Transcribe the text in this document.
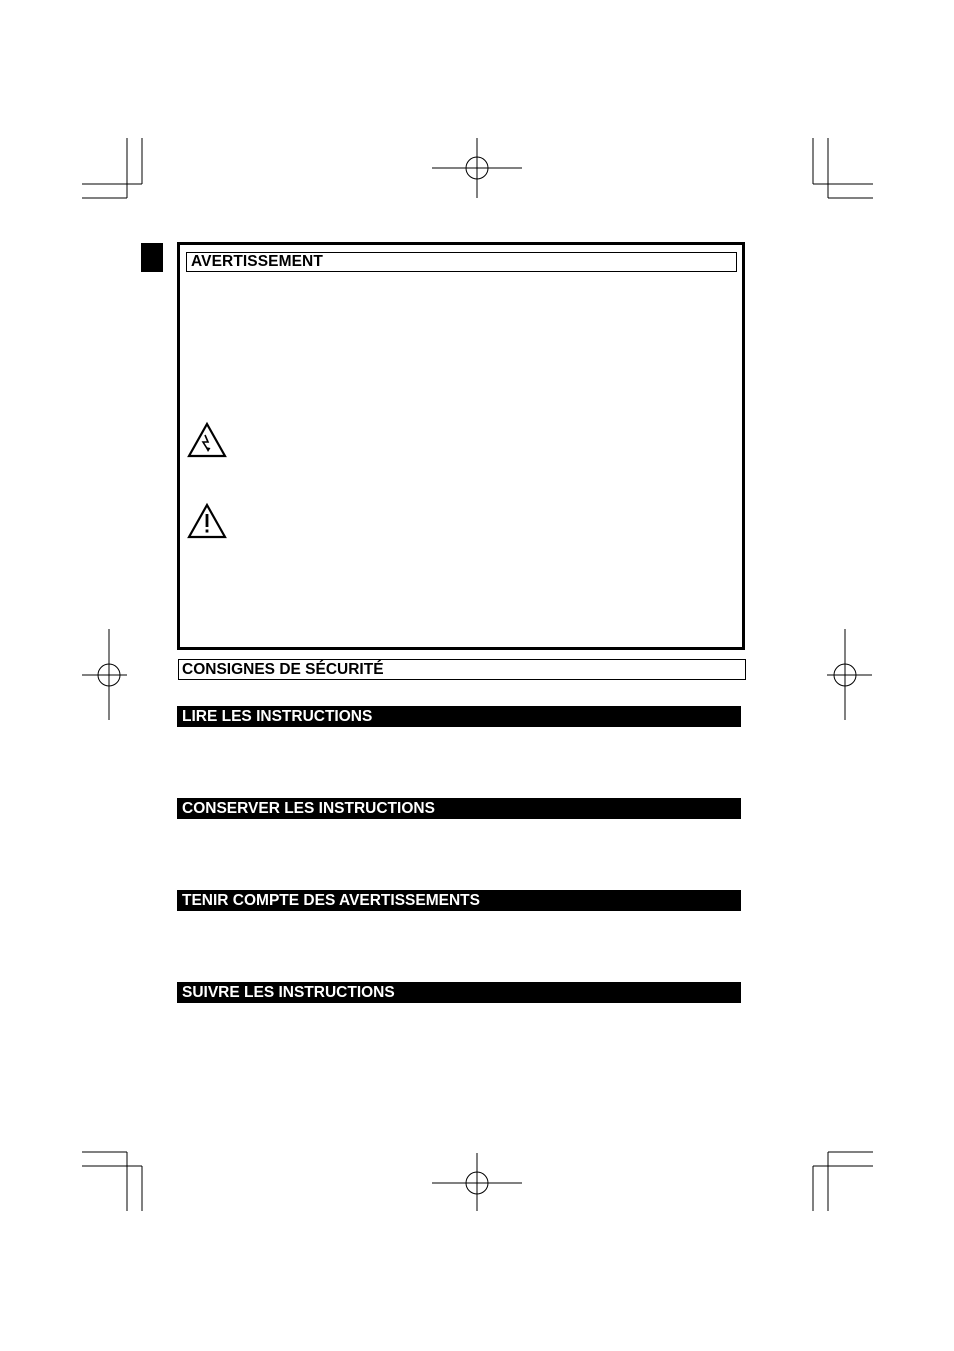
AVERTISSEMENT
CONSIGNES DE SÉCURITÉ
LIRE LES INSTRUCTIONS
CONSERVER LES INSTRUCTIONS
TENIR COMPTE DES AVERTISSEMENTS
SUIVRE LES INSTRUCTIONS
